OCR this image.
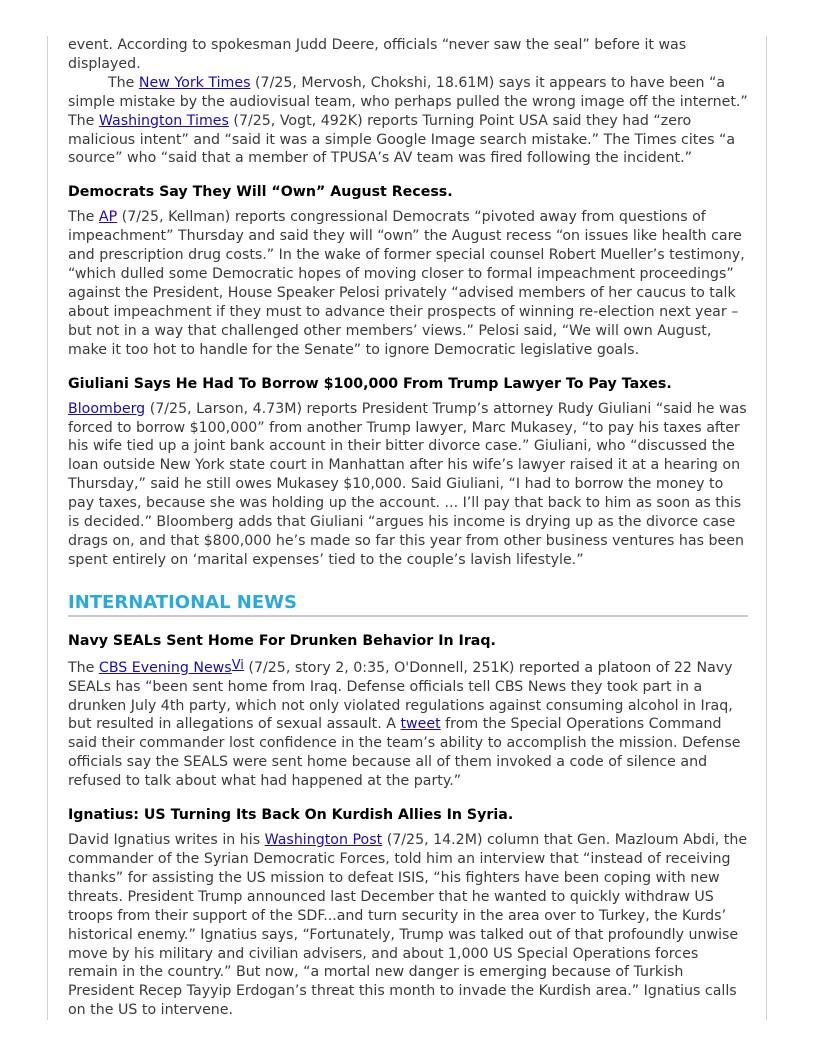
event. According to spokesman Judd Deere, officials “never saw the seal” before it was displayed.

The New York Times (7/25, Mervosh, Chokshi, 18.61M) says it appears to have been “a simple mistake by the audiovisual team, who perhaps pulled the wrong image off the internet.” The Washington Times (7/25, Vogt, 492K) reports Turning Point USA said they had “zero malicious intent” and “said it was a simple Google Image search mistake.” The Times cites “a source” who “said that a member of TPUSA’s AV team was fired following the incident.”

Democrats Say They Will “Own” August Recess.

The AP (7/25, Kellman) reports congressional Democrats “pivoted away from questions of impeachment” Thursday and said they will “own” the August recess “on issues like health care and prescription drug costs.” In the wake of former special counsel Robert Mueller’s testimony, “which dulled some Democratic hopes of moving closer to formal impeachment proceedings” against the President, House Speaker Pelosi privately “advised members of her caucus to talk about impeachment if they must to advance their prospects of winning re-election next year – but not in a way that challenged other members’ views.” Pelosi said, “We will own August, make it too hot to handle for the Senate” to ignore Democratic legislative goals.

Giuliani Says He Had To Borrow $100,000 From Trump Lawyer To Pay Taxes.

Bloomberg (7/25, Larson, 4.73M) reports President Trump’s attorney Rudy Giuliani “said he was forced to borrow $100,000” from another Trump lawyer, Marc Mukasey, “to pay his taxes after his wife tied up a joint bank account in their bitter divorce case.” Giuliani, who “discussed the loan outside New York state court in Manhattan after his wife’s lawyer raised it at a hearing on Thursday,” said he still owes Mukasey $10,000. Said Giuliani, “I had to borrow the money to pay taxes, because she was holding up the account. ... I’ll pay that back to him as soon as this is decided.” Bloomberg adds that Giuliani “argues his income is drying up as the divorce case drags on, and that $800,000 he’s made so far this year from other business ventures has been spent entirely on ‘marital expenses’ tied to the couple’s lavish lifestyle.”

INTERNATIONAL NEWS
Navy SEALs Sent Home For Drunken Behavior In Iraq.

The CBS Evening NewsVi (7/25, story 2, 0:35, O'Donnell, 251K) reported a platoon of 22 Navy SEALs has “been sent home from Iraq. Defense officials tell CBS News they took part in a drunken July 4th party, which not only violated regulations against consuming alcohol in Iraq, but resulted in allegations of sexual assault. A tweet from the Special Operations Command said their commander lost confidence in the team’s ability to accomplish the mission. Defense officials say the SEALS were sent home because all of them invoked a code of silence and refused to talk about what had happened at the party.”

Ignatius: US Turning Its Back On Kurdish Allies In Syria.

David Ignatius writes in his Washington Post (7/25, 14.2M) column that Gen. Mazloum Abdi, the commander of the Syrian Democratic Forces, told him an interview that “instead of receiving thanks” for assisting the US mission to defeat ISIS, “his fighters have been coping with new threats. President Trump announced last December that he wanted to quickly withdraw US troops from their support of the SDF...and turn security in the area over to Turkey, the Kurds’ historical enemy.” Ignatius says, “Fortunately, Trump was talked out of that profoundly unwise move by his military and civilian advisers, and about 1,000 US Special Operations forces remain in the country.” But now, “a mortal new danger is emerging because of Turkish President Recep Tayyip Erdogan’s threat this month to invade the Kurdish area.” Ignatius calls on the US to intervene.
